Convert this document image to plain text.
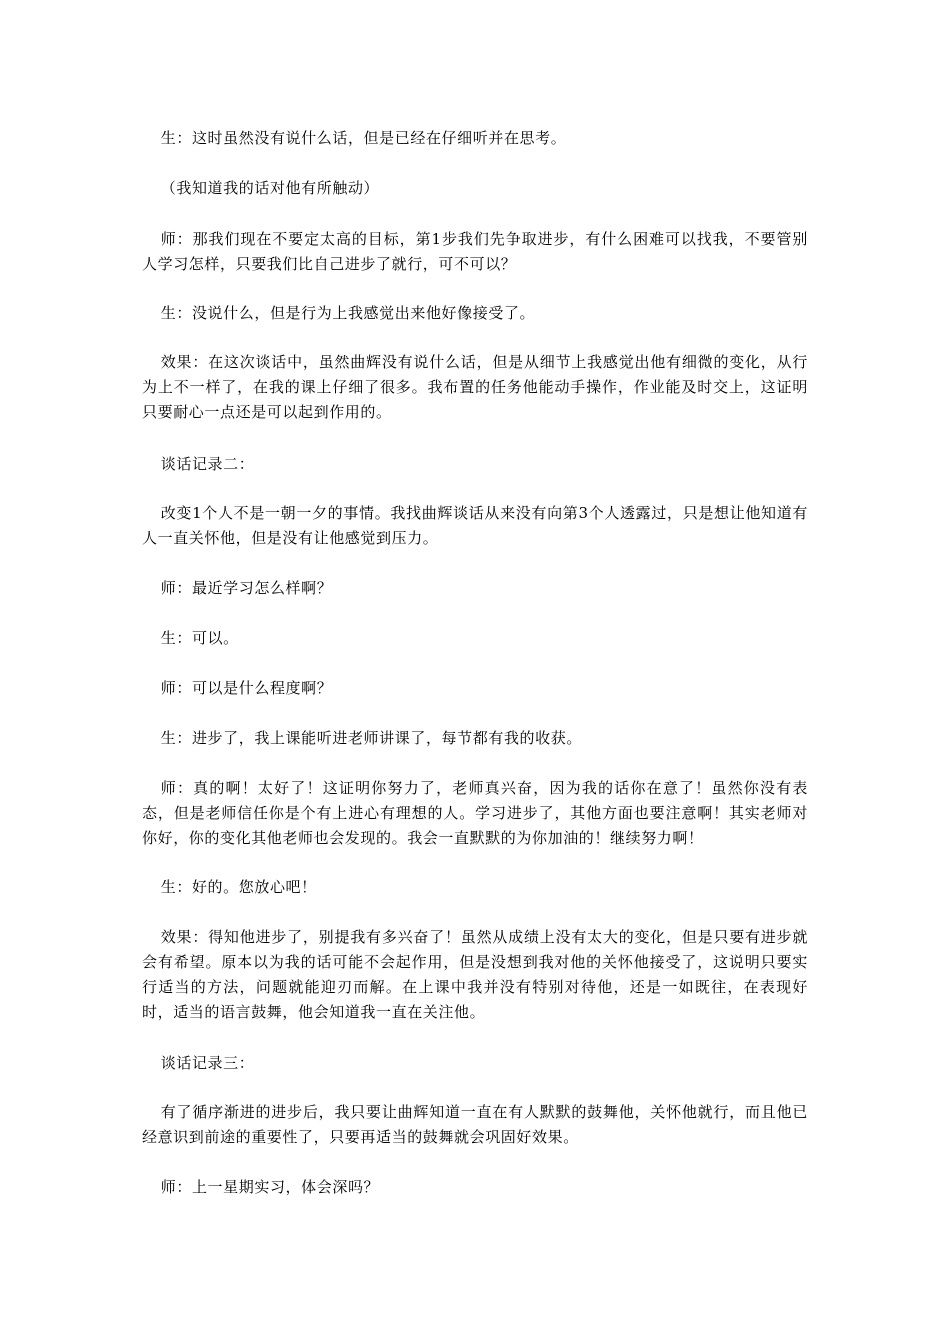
生：这时虽然没有说什么话，但是已经在仔细听并在思考。

（我知道我的话对他有所触动）

师：那我们现在不要定太高的目标，第1步我们先争取进步，有什么困难可以找我，不要管别人学习怎样，只要我们比自己进步了就行，可不可以？

生：没说什么，但是行为上我感觉出来他好像接受了。

效果：在这次谈话中，虽然曲辉没有说什么话，但是从细节上我感觉出他有细微的变化，从行为上不一样了，在我的课上仔细了很多。我布置的任务他能动手操作，作业能及时交上，这证明只要耐心一点还是可以起到作用的。

谈话记录二：

改变1个人不是一朝一夕的事情。我找曲辉谈话从来没有向第3个人透露过，只是想让他知道有人一直关怀他，但是没有让他感觉到压力。

师：最近学习怎么样啊？

生：可以。

师：可以是什么程度啊？

生：进步了，我上课能听进老师讲课了，每节都有我的收获。

师：真的啊！太好了！这证明你努力了，老师真兴奋，因为我的话你在意了！虽然你没有表态，但是老师信任你是个有上进心有理想的人。学习进步了，其他方面也要注意啊！其实老师对你好，你的变化其他老师也会发现的。我会一直默默的为你加油的！继续努力啊！

生：好的。您放心吧！

效果：得知他进步了，别提我有多兴奋了！虽然从成绩上没有太大的变化，但是只要有进步就会有希望。原本以为我的话可能不会起作用，但是没想到我对他的关怀他接受了，这说明只要实行适当的方法，问题就能迎刃而解。在上课中我并没有特别对待他，还是一如既往，在表现好时，适当的语言鼓舞，他会知道我一直在关注他。

谈话记录三：

有了循序渐进的进步后，我只要让曲辉知道一直在有人默默的鼓舞他，关怀他就行，而且他已经意识到前途的重要性了，只要再适当的鼓舞就会巩固好效果。

师：上一星期实习，体会深吗？
